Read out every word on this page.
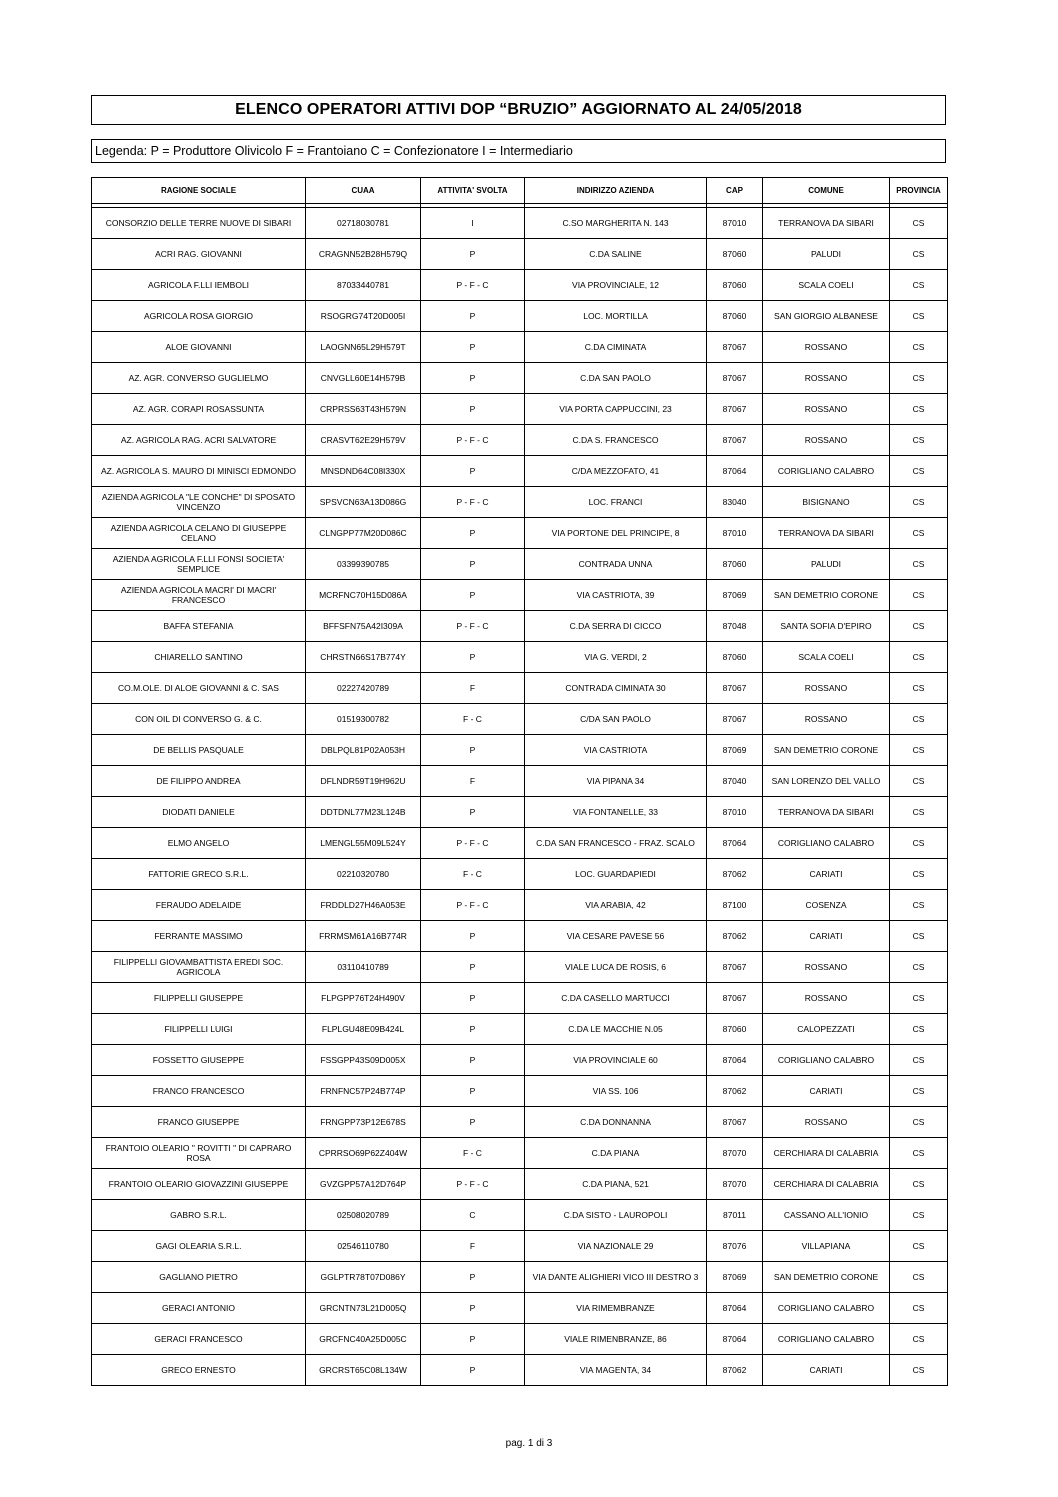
ELENCO OPERATORI ATTIVI DOP “BRUZIO” AGGIORNATO AL 24/05/2018
Legenda: P = Produttore Olivicolo F = Frantoiano C = Confezionatore I = Intermediario
RAGIONE SOCIALE	CUAA	ATTIVITA' SVOLTA	INDIRIZZO AZIENDA	CAP	COMUNE	PROVINCIA

CONSORZIO DELLE TERRE NUOVE DI SIBARI	02718030781	I	C.SO MARGHERITA N. 143	87010	TERRANOVA DA SIBARI	CS
ACRI RAG. GIOVANNI	CRAGNN52B28H579Q	P	C.DA SALINE	87060	PALUDI	CS
AGRICOLA F.LLI IEMBOLI	87033440781	P - F - C	VIA PROVINCIALE, 12	87060	SCALA COELI	CS
AGRICOLA ROSA GIORGIO	RSOGRG74T20D005I	P	LOC. MORTILLA	87060	SAN GIORGIO ALBANESE	CS
ALOE GIOVANNI	LAOGNN65L29H579T	P	C.DA CIMINATA	87067	ROSSANO	CS
AZ. AGR. CONVERSO GUGLIELMO	CNVGLL60E14H579B	P	C.DA SAN PAOLO	87067	ROSSANO	CS
AZ. AGR. CORAPI ROSASSUNTA	CRPRSS63T43H579N	P	VIA PORTA CAPPUCCINI, 23	87067	ROSSANO	CS
AZ. AGRICOLA RAG. ACRI SALVATORE	CRASVT62E29H579V	P - F - C	C.DA S. FRANCESCO	87067	ROSSANO	CS
AZ. AGRICOLA S. MAURO DI MINISCI EDMONDO	MNSDND64C08I330X	P	C/DA MEZZOFATO, 41	87064	CORIGLIANO CALABRO	CS
AZIENDA AGRICOLA "LE CONCHE" DI SPOSATO VINCENZO	SPSVCN63A13D086G	P - F - C	LOC. FRANCI	83040	BISIGNANO	CS
AZIENDA AGRICOLA CELANO DI GIUSEPPE CELANO	CLNGPP77M20D086C	P	VIA PORTONE DEL PRINCIPE, 8	87010	TERRANOVA DA SIBARI	CS
AZIENDA AGRICOLA F.LLI FONSI SOCIETA' SEMPLICE	03399390785	P	CONTRADA UNNA	87060	PALUDI	CS
AZIENDA AGRICOLA MACRI' DI MACRI' FRANCESCO	MCRFNC70H15D086A	P	VIA CASTRIOTA, 39	87069	SAN DEMETRIO CORONE	CS
BAFFA STEFANIA	BFFSFN75A42I309A	P - F - C	C.DA SERRA DI CICCO	87048	SANTA SOFIA D'EPIRO	CS
CHIARELLO SANTINO	CHRSTN66S17B774Y	P	VIA G. VERDI, 2	87060	SCALA COELI	CS
CO.M.OLE. DI ALOE GIOVANNI & C. SAS	02227420789	F	CONTRADA CIMINATA 30	87067	ROSSANO	CS
CON OIL DI CONVERSO G. & C.	01519300782	F - C	C/DA SAN PAOLO	87067	ROSSANO	CS
DE BELLIS PASQUALE	DBLPQL81P02A053H	P	VIA CASTRIOTA	87069	SAN DEMETRIO CORONE	CS
DE FILIPPO ANDREA	DFLNDR59T19H962U	F	VIA PIPANA 34	87040	SAN LORENZO DEL VALLO	CS
DIODATI DANIELE	DDTDNL77M23L124B	P	VIA FONTANELLE, 33	87010	TERRANOVA DA SIBARI	CS
ELMO ANGELO	LMENGL55M09L524Y	P - F - C	C.DA SAN FRANCESCO - FRAZ. SCALO	87064	CORIGLIANO CALABRO	CS
FATTORIE GRECO S.R.L.	02210320780	F - C	LOC. GUARDAPIEDI	87062	CARIATI	CS
FERAUDO ADELAIDE	FRDDLD27H46A053E	P - F - C	VIA ARABIA, 42	87100	COSENZA	CS
FERRANTE MASSIMO	FRRMSM61A16B774R	P	VIA CESARE PAVESE 56	87062	CARIATI	CS
FILIPPELLI GIOVAMBATTISTA EREDI SOC. AGRICOLA	03110410789	P	VIALE LUCA DE ROSIS, 6	87067	ROSSANO	CS
FILIPPELLI GIUSEPPE	FLPGPP76T24H490V	P	C.DA CASELLO MARTUCCI	87067	ROSSANO	CS
FILIPPELLI LUIGI	FLPLGU48E09B424L	P	C.DA LE MACCHIE N.05	87060	CALOPEZZATI	CS
FOSSETTO GIUSEPPE	FSSGPP43S09D005X	P	VIA PROVINCIALE 60	87064	CORIGLIANO CALABRO	CS
FRANCO FRANCESCO	FRNFNC57P24B774P	P	VIA SS. 106	87062	CARIATI	CS
FRANCO GIUSEPPE	FRNGPP73P12E678S	P	C.DA DONNANNA	87067	ROSSANO	CS
FRANTOIO OLEARIO " ROVITTI " DI CAPRARO ROSA	CPRRSO69P62Z404W	F - C	C.DA PIANA	87070	CERCHIARA DI CALABRIA	CS
FRANTOIO OLEARIO GIOVAZZINI GIUSEPPE	GVZGPP57A12D764P	P - F - C	C.DA PIANA, 521	87070	CERCHIARA DI CALABRIA	CS
GABRO S.R.L.	02508020789	C	C.DA SISTO - LAUROPOLI	87011	CASSANO ALL'IONIO	CS
GAGI OLEARIA S.R.L.	02546110780	F	VIA NAZIONALE 29	87076	VILLAPIANA	CS
GAGLIANO PIETRO	GGLPTR78T07D086Y	P	VIA DANTE ALIGHIERI VICO III DESTRO 3	87069	SAN DEMETRIO CORONE	CS
GERACI ANTONIO	GRCNTN73L21D005Q	P	VIA RIMEMBRANZE	87064	CORIGLIANO CALABRO	CS
GERACI FRANCESCO	GRCFNC40A25D005C	P	VIALE RIMENBRANZE, 86	87064	CORIGLIANO CALABRO	CS
GRECO ERNESTO	GRCRST65C08L134W	P	VIA MAGENTA, 34	87062	CARIATI	CS
pag. 1 di 3
